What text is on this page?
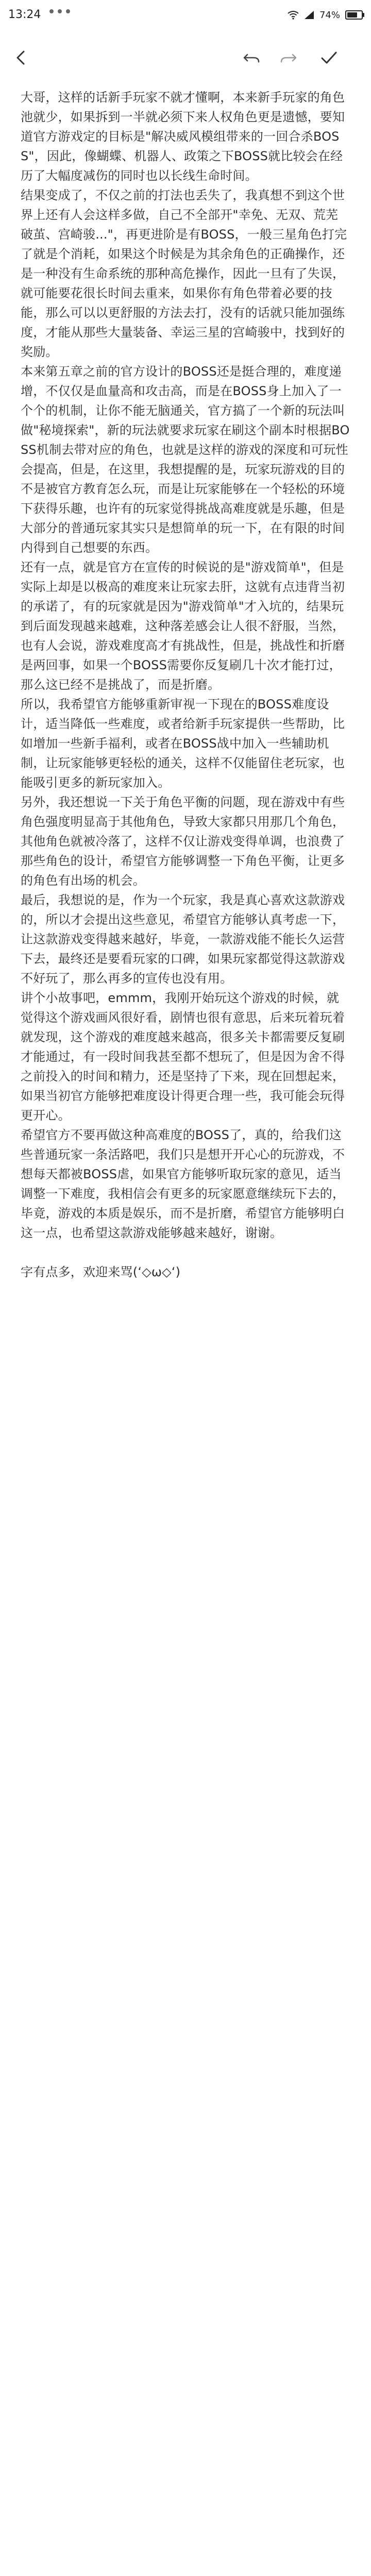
13:24	74%

大哥，这样的话新手玩家不就才懂啊，本来新手玩家的角色池就少，如果拆到一半就必须下来人权角色更是遗憾，要知道官方游戏定的目标是"解决威风模组带来的一回合杀BOSS"，因此，像蝴蝶、机器人、政策之下BOSS就比较会在经历了大幅度减伤的同时也以长线生命时间。

结果变成了，不仅之前的打法也丢失了，我真想不到这个世界上还有人会这样多做，自己不全部开"幸免、无双、荒芜破茧、宫崎骏..."，再更进阶是有BOSS，一般三星角色打完了就是个消耗，如果这个时候是为其余角色的正确操作，还是一种没有生命系统的那种高危操作，因此一旦有了失误，就可能要花很长时间去重来，如果你有角色带着必要的技能，那么可以以更舒服的方法去打，没有的话就只能加强练度，才能从那些大量装备、幸运三星的宫崎骏中，找到好的奖励。

本来第五章之前的官方设计的BOSS还是挺合理的，难度递增，不仅仅是血量高和攻击高，而是在BOSS身上加入了一个个的机制，让你不能无脑通关，官方搞了一个新的玩法叫做"秘境探索"，新的玩法就要求玩家在刷这个副本时根据BOSS机制去带对应的角色，也就是这样的游戏的深度和可玩性会提高，但是，在这里，我想提醒的是，玩家玩游戏的目的不是被官方教育怎么玩，而是让玩家能够在一个轻松的环境下获得乐趣，也许有的玩家觉得挑战高难度就是乐趣，但是大部分的普通玩家其实只是想简单的玩一下，在有限的时间内得到自己想要的东西。

还有一点，就是官方在宣传的时候说的是"游戏简单"，但是实际上却是以极高的难度来让玩家去肝，这就有点违背当初的承诺了，有的玩家就是因为"游戏简单"才入坑的，结果玩到后面发现越来越难，这种落差感会让人很不舒服，当然，也有人会说，游戏难度高才有挑战性，但是，挑战性和折磨是两回事，如果一个BOSS需要你反复刷几十次才能打过，那么这已经不是挑战了，而是折磨。

所以，我希望官方能够重新审视一下现在的BOSS难度设计，适当降低一些难度，或者给新手玩家提供一些帮助，比如增加一些新手福利，或者在BOSS战中加入一些辅助机制，让玩家能够更轻松的通关，这样不仅能留住老玩家，也能吸引更多的新玩家加入。

另外，我还想说一下关于角色平衡的问题，现在游戏中有些角色强度明显高于其他角色，导致大家都只用那几个角色，其他角色就被冷落了，这样不仅让游戏变得单调，也浪费了那些角色的设计，希望官方能够调整一下角色平衡，让更多的角色有出场的机会。

最后，我想说的是，作为一个玩家，我是真心喜欢这款游戏的，所以才会提出这些意见，希望官方能够认真考虑一下，让这款游戏变得越来越好，毕竟，一款游戏能不能长久运营下去，最终还是要看玩家的口碑，如果玩家都觉得这款游戏不好玩了，那么再多的宣传也没有用。

讲个小故事吧，emmm，我刚开始玩这个游戏的时候，就觉得这个游戏画风很好看，剧情也很有意思，后来玩着玩着就发现，这个游戏的难度越来越高，很多关卡都需要反复刷才能通过，有一段时间我甚至都不想玩了，但是因为舍不得之前投入的时间和精力，还是坚持了下来，现在回想起来，如果当初官方能够把难度设计得更合理一些，我可能会玩得更开心。

希望官方不要再做这种高难度的BOSS了，真的，给我们这些普通玩家一条活路吧，我们只是想开开心心的玩游戏，不想每天都被BOSS虐，如果官方能够听取玩家的意见，适当调整一下难度，我相信会有更多的玩家愿意继续玩下去的，毕竟，游戏的本质是娱乐，而不是折磨，希望官方能够明白这一点，也希望这款游戏能够越来越好，谢谢。

字有点多，欢迎来骂(ʻ◇ω◇ʻ)
